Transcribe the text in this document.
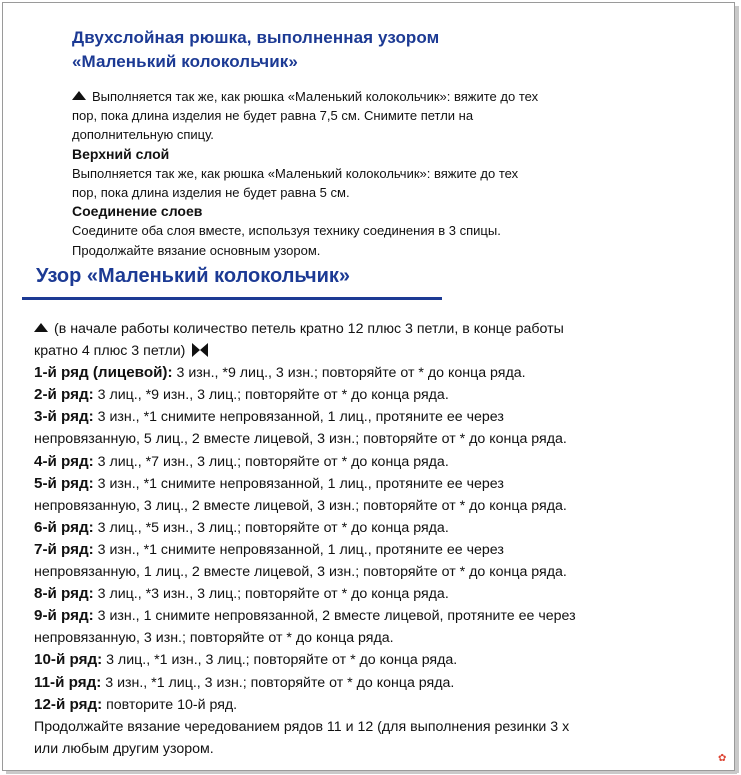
Двухслойная рюшка, выполненная узором
«Маленький колокольчик»
Выполняется так же, как рюшка «Маленький колокольчик»: вяжите до тех
пор, пока длина изделия не будет равна 7,5 см. Снимите петли на
дополнительную спицу.
Верхний слой
Выполняется так же, как рюшка «Маленький колокольчик»: вяжите до тех
пор, пока длина изделия не будет равна 5 см.
Соединение слоев
Соедините оба слоя вместе, используя технику соединения в 3 спицы.
Продолжайте вязание основным узором.
Узор «Маленький колокольчик»
(в начале работы количество петель кратно 12 плюс 3 петли, в конце работы
кратно 4 плюс 3 петли)
1-й ряд (лицевой): 3 изн., *9 лиц., 3 изн.; повторяйте от * до конца ряда.
2-й ряд: 3 лиц., *9 изн., 3 лиц.; повторяйте от * до конца ряда.
3-й ряд: 3 изн., *1 снимите непровязанной, 1 лиц., протяните ее через
непровязанную, 5 лиц., 2 вместе лицевой, 3 изн.; повторяйте от * до конца ряда.
4-й ряд: 3 лиц., *7 изн., 3 лиц.; повторяйте от * до конца ряда.
5-й ряд: 3 изн., *1 снимите непровязанной, 1 лиц., протяните ее через
непровязанную, 3 лиц., 2 вместе лицевой, 3 изн.; повторяйте от * до конца ряда.
6-й ряд: 3 лиц., *5 изн., 3 лиц.; повторяйте от * до конца ряда.
7-й ряд: 3 изн., *1 снимите непровязанной, 1 лиц., протяните ее через
непровязанную, 1 лиц., 2 вместе лицевой, 3 изн.; повторяйте от * до конца ряда.
8-й ряд: 3 лиц., *3 изн., 3 лиц.; повторяйте от * до конца ряда.
9-й ряд: 3 изн., 1 снимите непровязанной, 2 вместе лицевой, протяните ее через
непровязанную, 3 изн.; повторяйте от * до конца ряда.
10-й ряд: 3 лиц., *1 изн., 3 лиц.; повторяйте от * до конца ряда.
11-й ряд: 3 изн., *1 лиц., 3 изн.; повторяйте от * до конца ряда.
12-й ряд: повторите 10-й ряд.
Продолжайте вязание чередованием рядов 11 и 12 (для выполнения резинки 3 x
или любым другим узором.
✿
